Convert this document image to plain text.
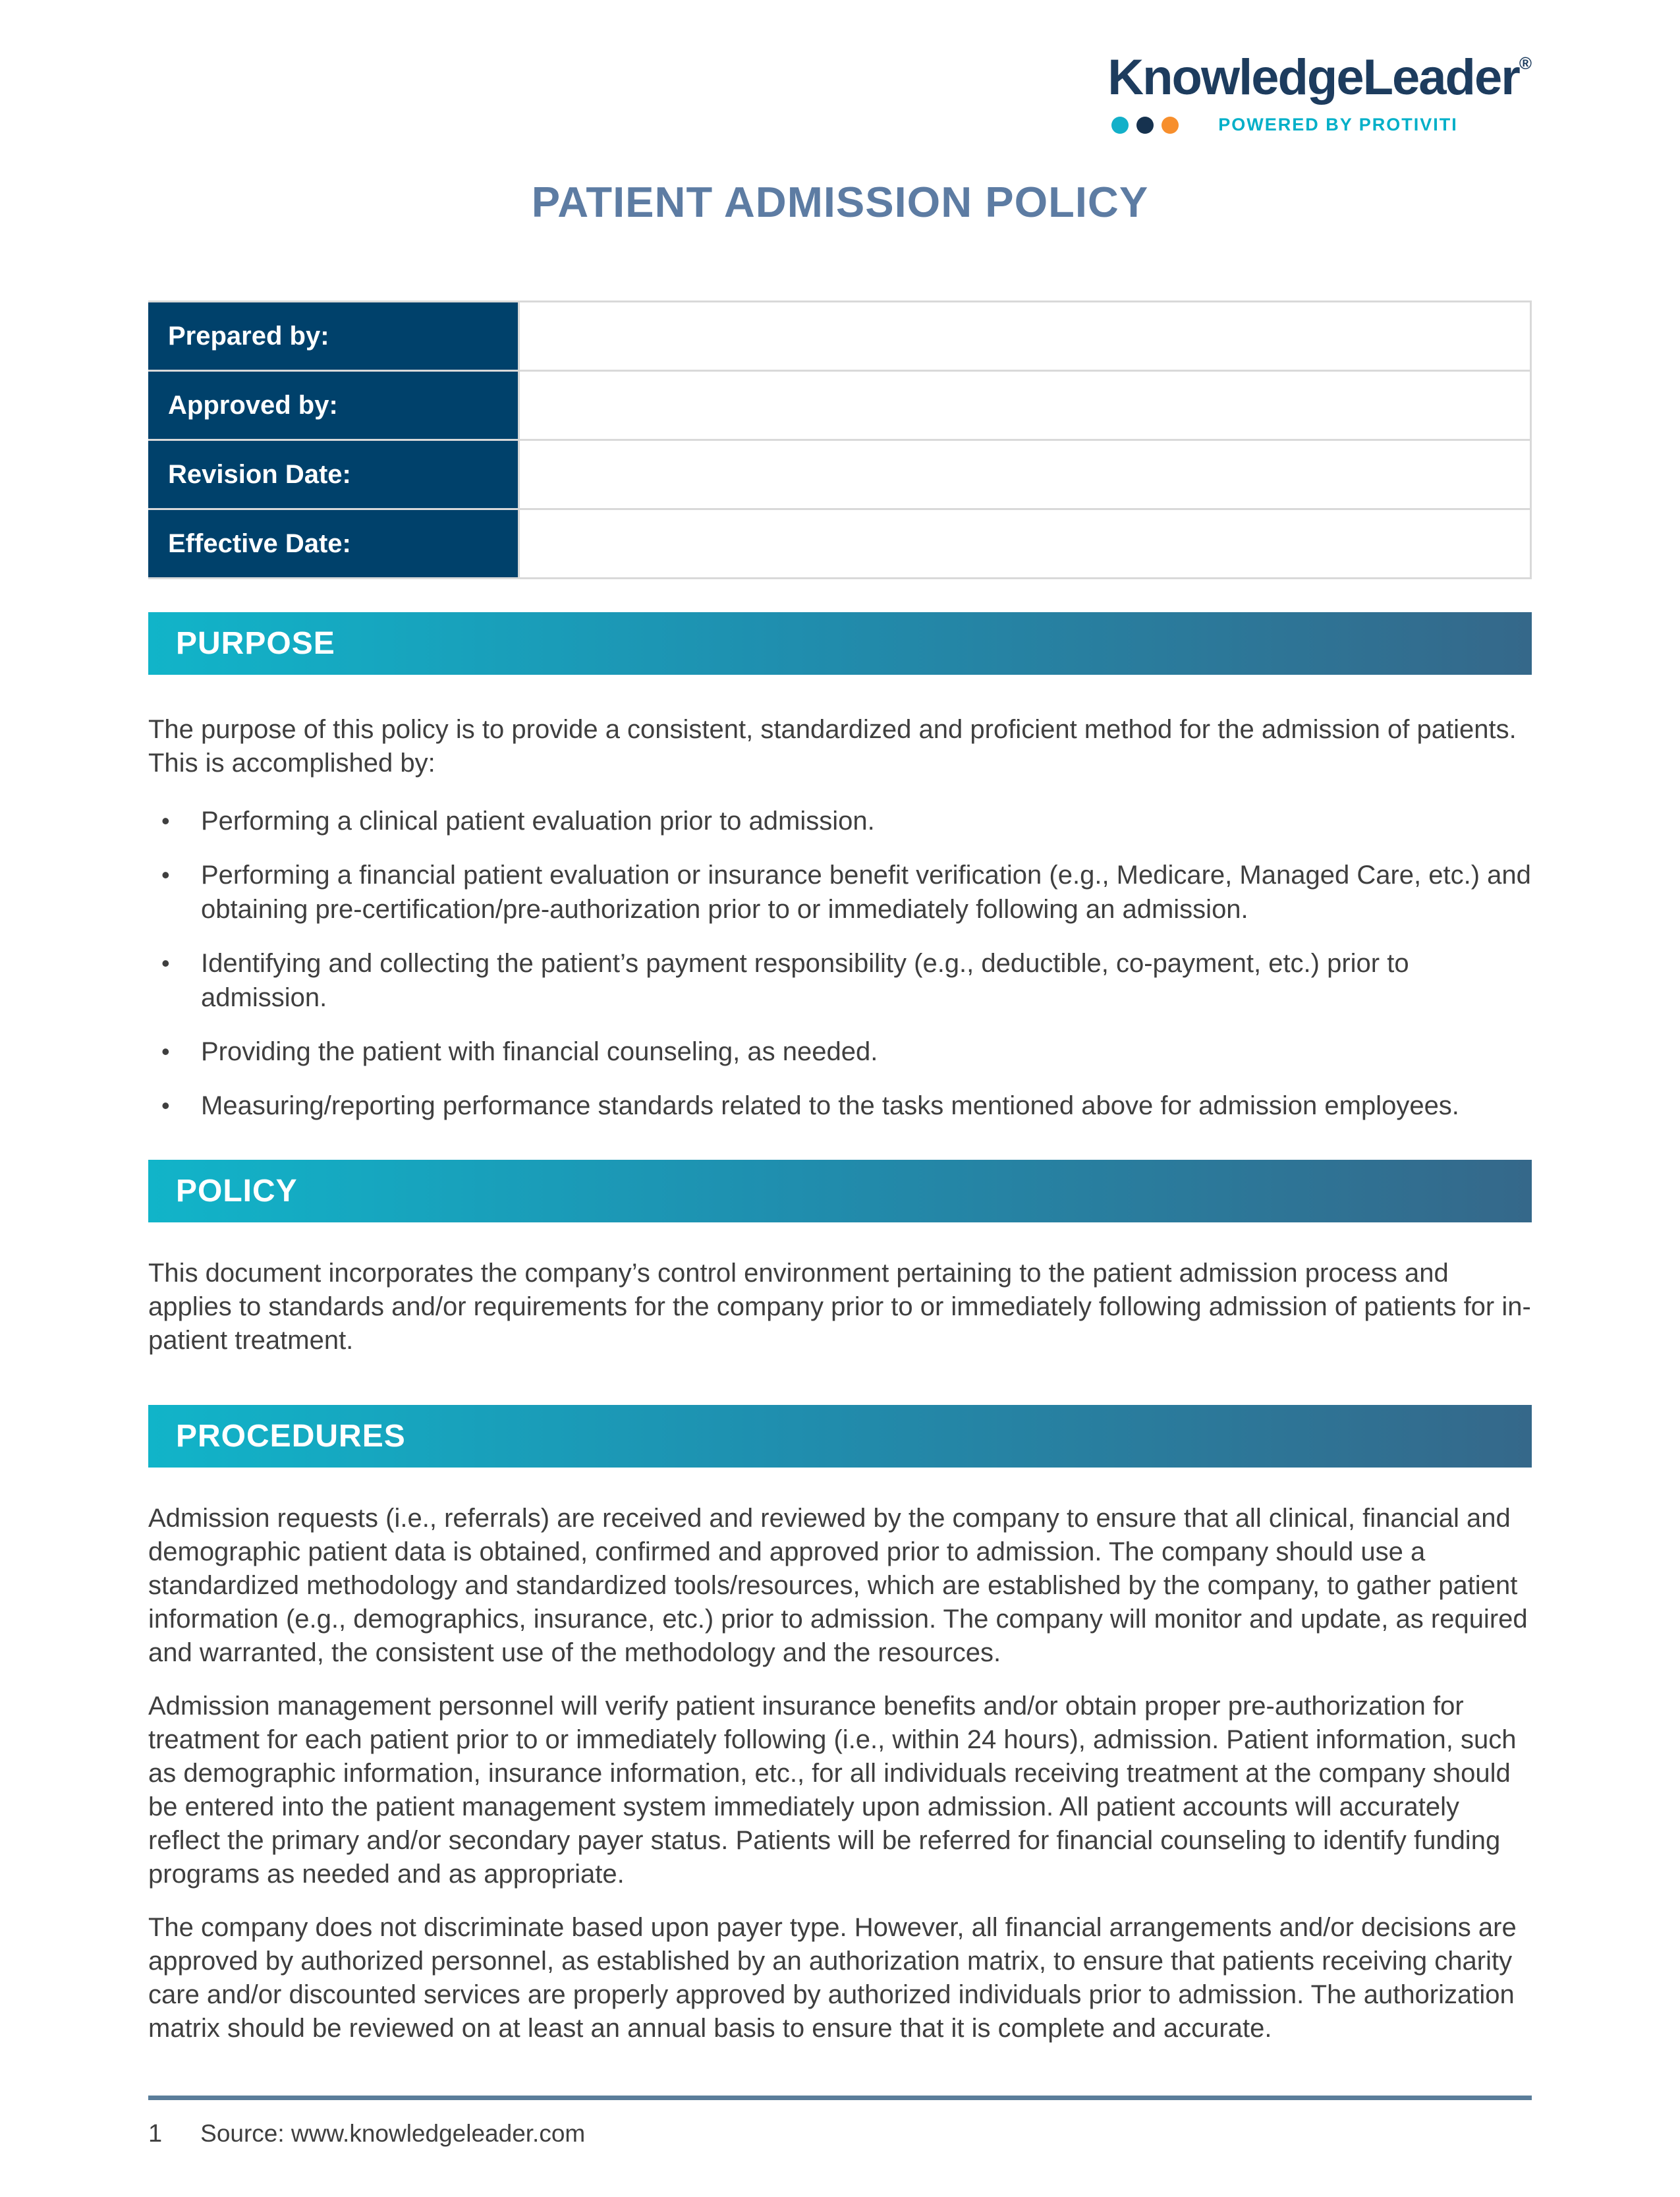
KnowledgeLeader®
POWERED BY PROTIVITI
PATIENT ADMISSION POLICY
Prepared by:	
Approved by:	
Revision Date:	
Effective Date:	
PURPOSE

The purpose of this policy is to provide a consistent, standardized and proficient method for the admission of patients. This is accomplished by:

• Performing a clinical patient evaluation prior to admission.
• Performing a financial patient evaluation or insurance benefit verification (e.g., Medicare, Managed Care, etc.) and obtaining pre-certification/pre-authorization prior to or immediately following an admission.
• Identifying and collecting the patient’s payment responsibility (e.g., deductible, co-payment, etc.) prior to admission.
• Providing the patient with financial counseling, as needed.
• Measuring/reporting performance standards related to the tasks mentioned above for admission employees.
POLICY

This document incorporates the company’s control environment pertaining to the patient admission process and applies to standards and/or requirements for the company prior to or immediately following admission of patients for in-patient treatment.

PROCEDURES

Admission requests (i.e., referrals) are received and reviewed by the company to ensure that all clinical, financial and demographic patient data is obtained, confirmed and approved prior to admission. The company should use a standardized methodology and standardized tools/resources, which are established by the company, to gather patient information (e.g., demographics, insurance, etc.) prior to admission. The company will monitor and update, as required and warranted, the consistent use of the methodology and the resources.

Admission management personnel will verify patient insurance benefits and/or obtain proper pre-authorization for treatment for each patient prior to or immediately following (i.e., within 24 hours), admission. Patient information, such as demographic information, insurance information, etc., for all individuals receiving treatment at the company should be entered into the patient management system immediately upon admission. All patient accounts will accurately reflect the primary and/or secondary payer status. Patients will be referred for financial counseling to identify funding programs as needed and as appropriate.

The company does not discriminate based upon payer type. However, all financial arrangements and/or decisions are approved by authorized personnel, as established by an authorization matrix, to ensure that patients receiving charity care and/or discounted services are properly approved by authorized individuals prior to admission. The authorization matrix should be reviewed on at least an annual basis to ensure that it is complete and accurate.

1 Source: www.knowledgeleader.com
